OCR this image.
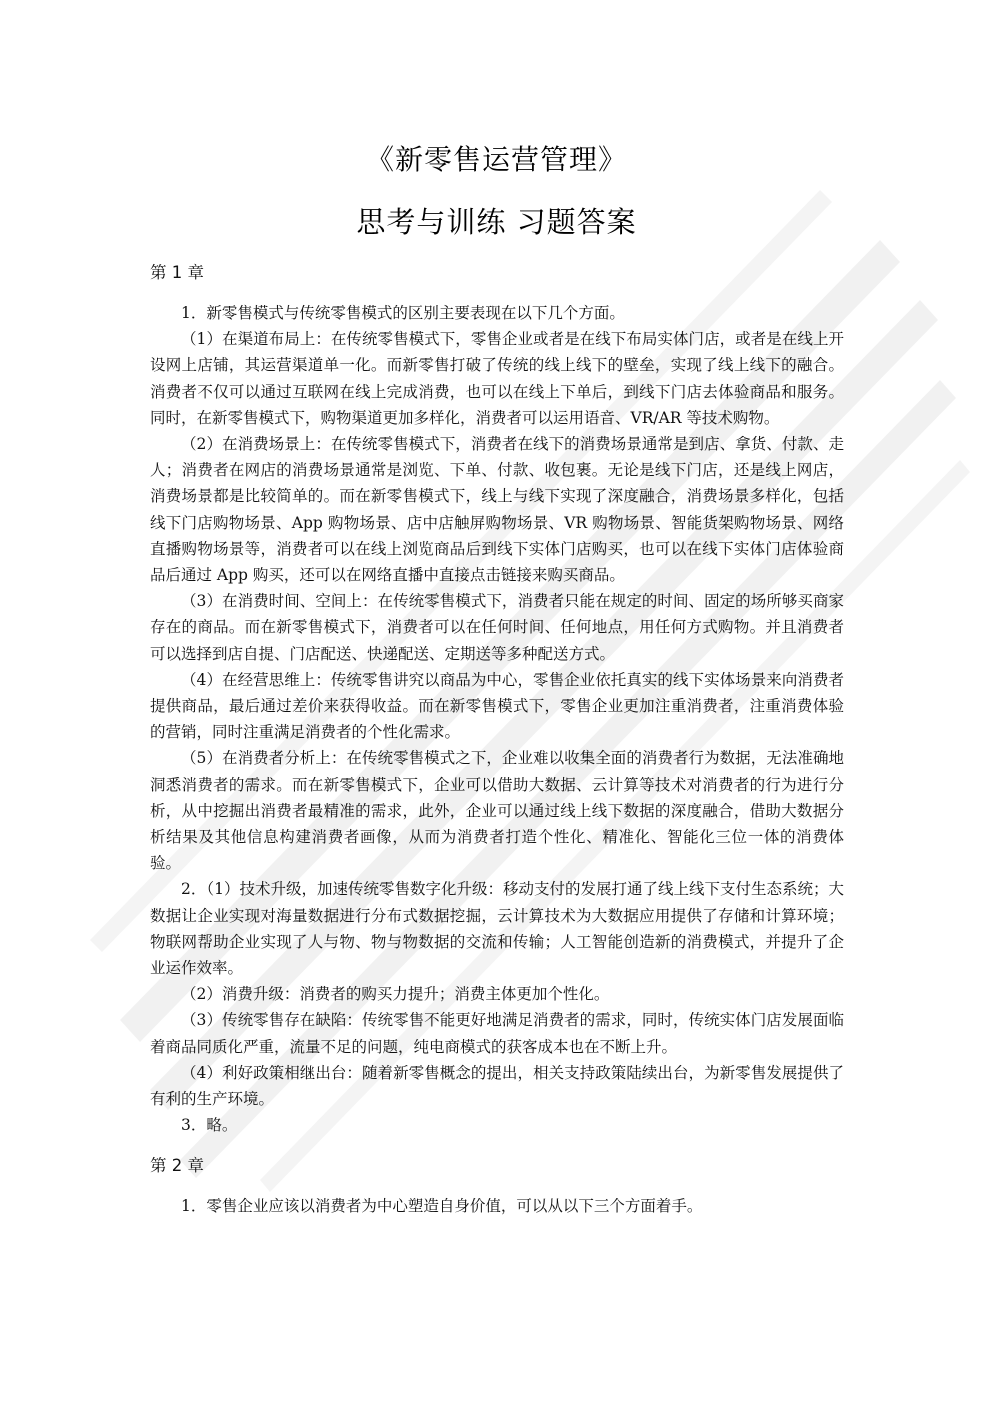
《新零售运营管理》
思考与训练 习题答案
第 1 章

1．新零售模式与传统零售模式的区别主要表现在以下几个方面。

（1）在渠道布局上：在传统零售模式下，零售企业或者是在线下布局实体门店，或者是在线上开设网上店铺，其运营渠道单一化。而新零售打破了传统的线上线下的壁垒，实现了线上线下的融合。消费者不仅可以通过互联网在线上完成消费，也可以在线上下单后，到线下门店去体验商品和服务。同时，在新零售模式下，购物渠道更加多样化，消费者可以运用语音、VR/AR 等技术购物。

（2）在消费场景上：在传统零售模式下，消费者在线下的消费场景通常是到店、拿货、付款、走人；消费者在网店的消费场景通常是浏览、下单、付款、收包裹。无论是线下门店，还是线上网店，消费场景都是比较简单的。而在新零售模式下，线上与线下实现了深度融合，消费场景多样化，包括线下门店购物场景、App 购物场景、店中店触屏购物场景、VR 购物场景、智能货架购物场景、网络直播购物场景等，消费者可以在线上浏览商品后到线下实体门店购买，也可以在线下实体门店体验商品后通过 App 购买，还可以在网络直播中直接点击链接来购买商品。

（3）在消费时间、空间上：在传统零售模式下，消费者只能在规定的时间、固定的场所够买商家存在的商品。而在新零售模式下，消费者可以在任何时间、任何地点，用任何方式购物。并且消费者可以选择到店自提、门店配送、快递配送、定期送等多种配送方式。

（4）在经营思维上：传统零售讲究以商品为中心，零售企业依托真实的线下实体场景来向消费者提供商品，最后通过差价来获得收益。而在新零售模式下，零售企业更加注重消费者，注重消费体验的营销，同时注重满足消费者的个性化需求。

（5）在消费者分析上：在传统零售模式之下，企业难以收集全面的消费者行为数据，无法准确地洞悉消费者的需求。而在新零售模式下，企业可以借助大数据、云计算等技术对消费者的行为进行分析，从中挖掘出消费者最精准的需求，此外，企业可以通过线上线下数据的深度融合，借助大数据分析结果及其他信息构建消费者画像，从而为消费者打造个性化、精准化、智能化三位一体的消费体验。

2．（1）技术升级，加速传统零售数字化升级：移动支付的发展打通了线上线下支付生态系统；大数据让企业实现对海量数据进行分布式数据挖掘，云计算技术为大数据应用提供了存储和计算环境；物联网帮助企业实现了人与物、物与物数据的交流和传输；人工智能创造新的消费模式，并提升了企业运作效率。

（2）消费升级：消费者的购买力提升；消费主体更加个性化。

（3）传统零售存在缺陷：传统零售不能更好地满足消费者的需求，同时，传统实体门店发展面临着商品同质化严重，流量不足的问题，纯电商模式的获客成本也在不断上升。

（4）利好政策相继出台：随着新零售概念的提出，相关支持政策陆续出台，为新零售发展提供了有利的生产环境。

3．略。

第 2 章

1．零售企业应该以消费者为中心塑造自身价值，可以从以下三个方面着手。
